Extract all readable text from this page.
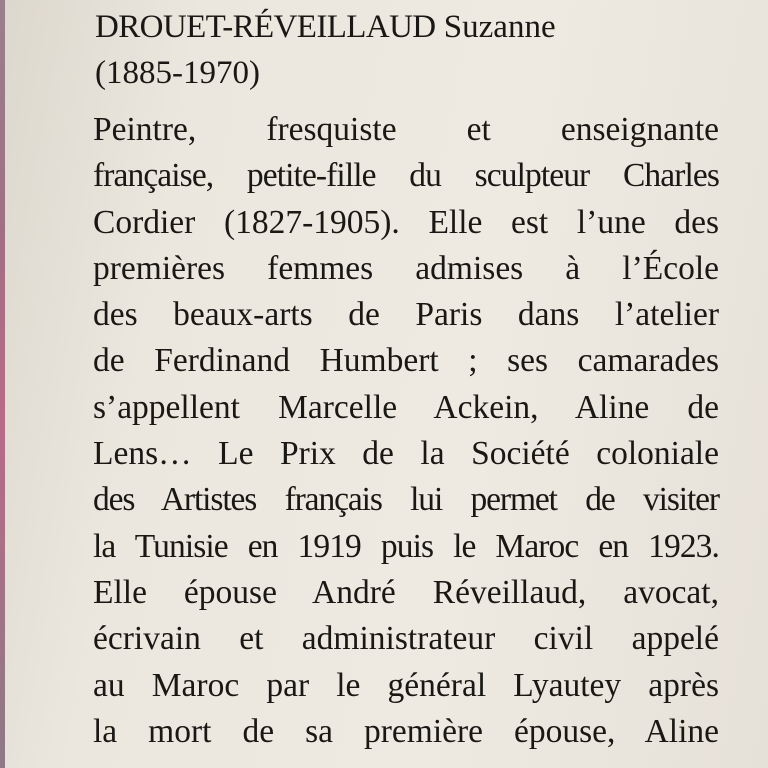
DROUET-RÉVEILLAUD Suzanne
(1885-1970)

Peintre, fresquiste et enseignante
française, petite-fille du sculpteur Charles
Cordier (1827-1905). Elle est l’une des
premières femmes admises à l’École
des beaux-arts de Paris dans l’atelier
de Ferdinand Humbert ; ses camarades
s’appellent Marcelle Ackein, Aline de
Lens… Le Prix de la Société coloniale
des Artistes français lui permet de visiter
la Tunisie en 1919 puis le Maroc en 1923.
Elle épouse André Réveillaud, avocat,
écrivain et administrateur civil appelé
au Maroc par le général Lyautey après
la mort de sa première épouse, Aline
